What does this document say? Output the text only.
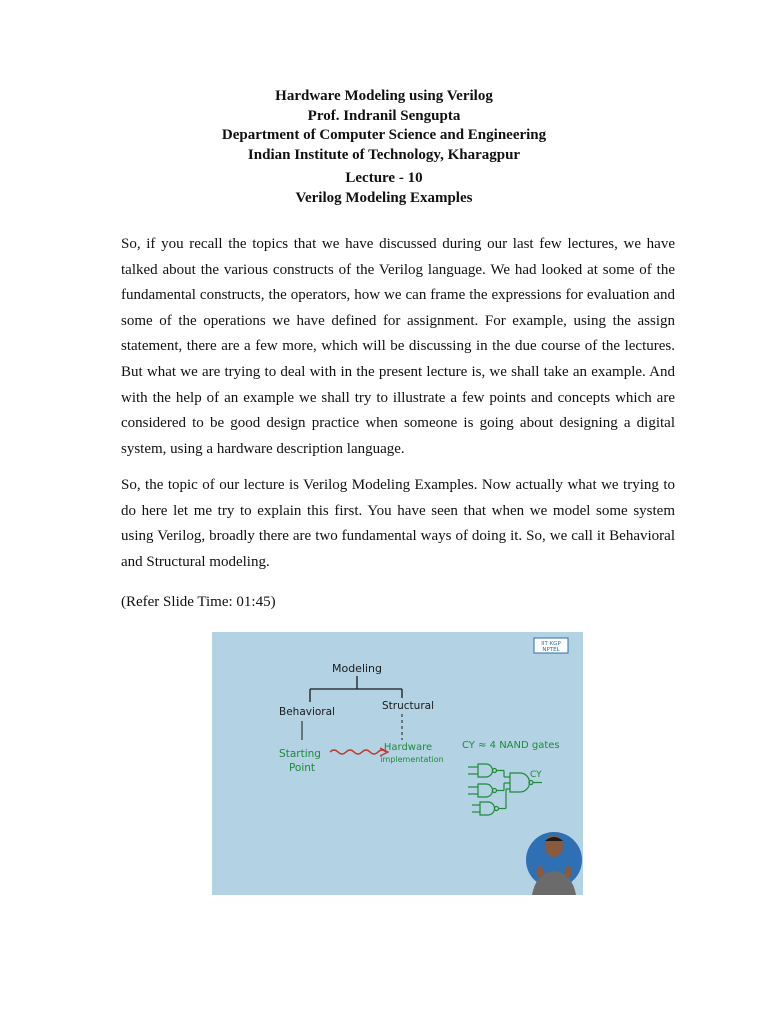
Hardware Modeling using Verilog
Prof. Indranil Sengupta
Department of Computer Science and Engineering
Indian Institute of Technology, Kharagpur
Lecture - 10
Verilog Modeling Examples

So, if you recall the topics that we have discussed during our last few lectures, we have talked about the various constructs of the Verilog language. We had looked at some of the fundamental constructs, the operators, how we can frame the expressions for evaluation and some of the operations we have defined for assignment. For example, using the assign statement, there are a few more, which will be discussing in the due course of the lectures. But what we are trying to deal with in the present lecture is, we shall take an example. And with the help of an example we shall try to illustrate a few points and concepts which are considered to be good design practice when someone is going about designing a digital system, using a hardware description language.

So, the topic of our lecture is Verilog Modeling Examples. Now actually what we trying to do here let me try to explain this first. You have seen that when we model some system using Verilog, broadly there are two fundamental ways of doing it. So, we call it Behavioral and Structural modeling.

(Refer Slide Time: 01:45)
IIT KGP
NPTEL
Modeling
Behavioral	Structural
Starting
Point
Hardware
implementation
CY ≈ 4 NAND gates
CY
